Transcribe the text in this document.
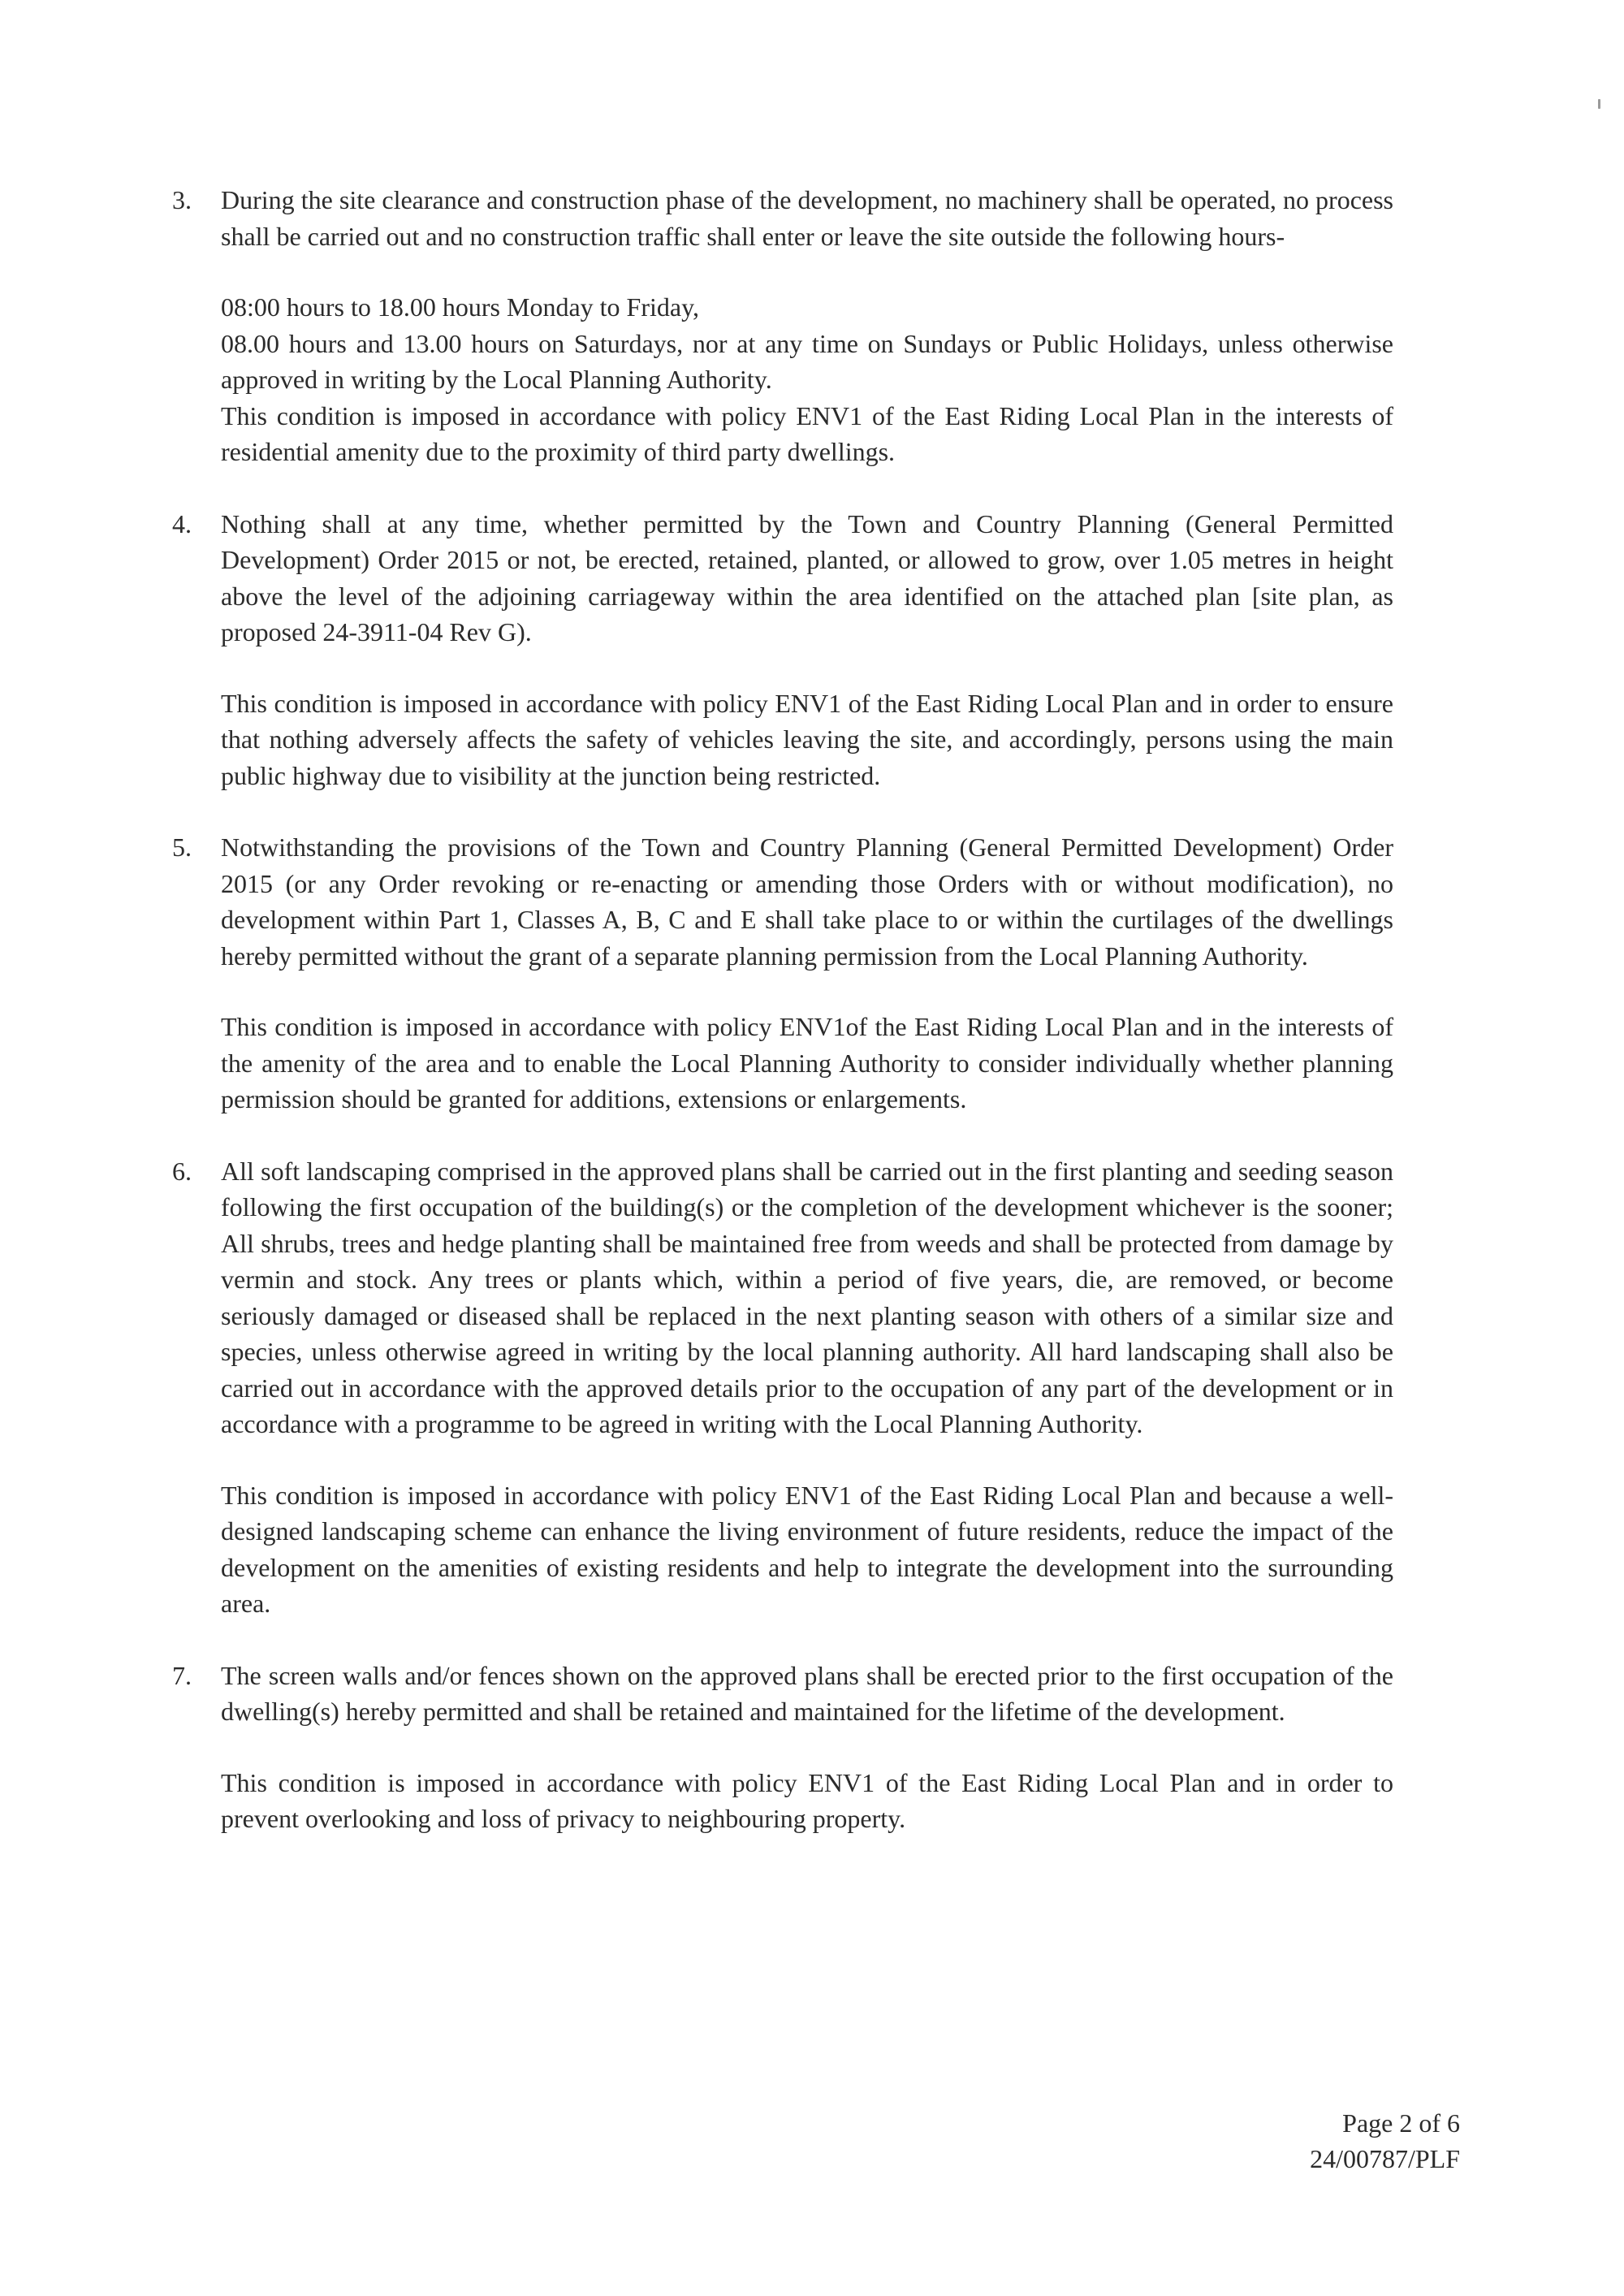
3. During the site clearance and construction phase of the development, no machinery shall be operated, no process shall be carried out and no construction traffic shall enter or leave the site outside the following hours-

08:00 hours to 18.00 hours Monday to Friday,

08.00 hours and 13.00 hours on Saturdays, nor at any time on Sundays or Public Holidays, unless otherwise approved in writing by the Local Planning Authority.

This condition is imposed in accordance with policy ENV1 of the East Riding Local Plan in the interests of residential amenity due to the proximity of third party dwellings.

4. Nothing shall at any time, whether permitted by the Town and Country Planning (General Permitted Development) Order 2015 or not, be erected, retained, planted, or allowed to grow, over 1.05 metres in height above the level of the adjoining carriageway within the area identified on the attached plan [site plan, as proposed 24-3911-04 Rev G).

This condition is imposed in accordance with policy ENV1 of the East Riding Local Plan and in order to ensure that nothing adversely affects the safety of vehicles leaving the site, and accordingly, persons using the main public highway due to visibility at the junction being restricted.

5. Notwithstanding the provisions of the Town and Country Planning (General Permitted Development) Order 2015 (or any Order revoking or re-enacting or amending those Orders with or without modification), no development within Part 1, Classes A, B, C and E shall take place to or within the curtilages of the dwellings hereby permitted without the grant of a separate planning permission from the Local Planning Authority.

This condition is imposed in accordance with policy ENV1of the East Riding Local Plan and in the interests of the amenity of the area and to enable the Local Planning Authority to consider individually whether planning permission should be granted for additions, extensions or enlargements.

6. All soft landscaping comprised in the approved plans shall be carried out in the first planting and seeding season following the first occupation of the building(s) or the completion of the development whichever is the sooner; All shrubs, trees and hedge planting shall be maintained free from weeds and shall be protected from damage by vermin and stock. Any trees or plants which, within a period of five years, die, are removed, or become seriously damaged or diseased shall be replaced in the next planting season with others of a similar size and species, unless otherwise agreed in writing by the local planning authority. All hard landscaping shall also be carried out in accordance with the approved details prior to the occupation of any part of the development or in accordance with a programme to be agreed in writing with the Local Planning Authority.

This condition is imposed in accordance with policy ENV1 of the East Riding Local Plan and because a well-designed landscaping scheme can enhance the living environment of future residents, reduce the impact of the development on the amenities of existing residents and help to integrate the development into the surrounding area.

7. The screen walls and/or fences shown on the approved plans shall be erected prior to the first occupation of the dwelling(s) hereby permitted and shall be retained and maintained for the lifetime of the development.

This condition is imposed in accordance with policy ENV1 of the East Riding Local Plan and in order to prevent overlooking and loss of privacy to neighbouring property.

Page 2 of 6
24/00787/PLF
